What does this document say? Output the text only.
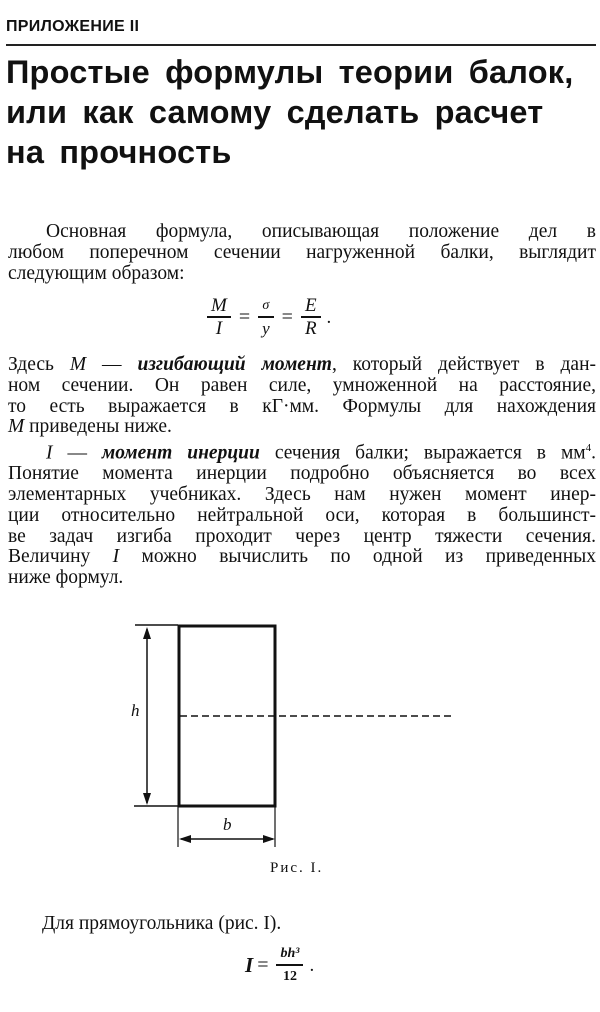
ПРИЛОЖЕНИЕ II
Простые формулы теории балок,
или как самому сделать расчет
на прочность
Основная формула, описывающая положение дел в
любом поперечном сечении нагруженной балки, выглядит
следующим образом:
$\frac{M}{I} = \frac{\sigma}{y} = \frac{E}{R}$ .
Здесь M — изгибающий момент, который действует в дан-
ном сечении. Он равен силе, умноженной на расстояние,
то есть выражается в кГ·мм. Формулы для нахождения
M приведены ниже.
I — момент инерции сечения балки; выражается в $мм^4$.
Понятие момента инерции подробно объясняется во всех
элементарных учебниках. Здесь нам нужен момент инер-
ции относительно нейтральной оси, которая в большинст-
ве задач изгиба проходит через центр тяжести сечения.
Величину I можно вычислить по одной из приведенных
ниже формул.
h
b
Рис. I.
Для прямоугольника (рис. I).
$I = \frac{\text{bh³}}{12}$ .
